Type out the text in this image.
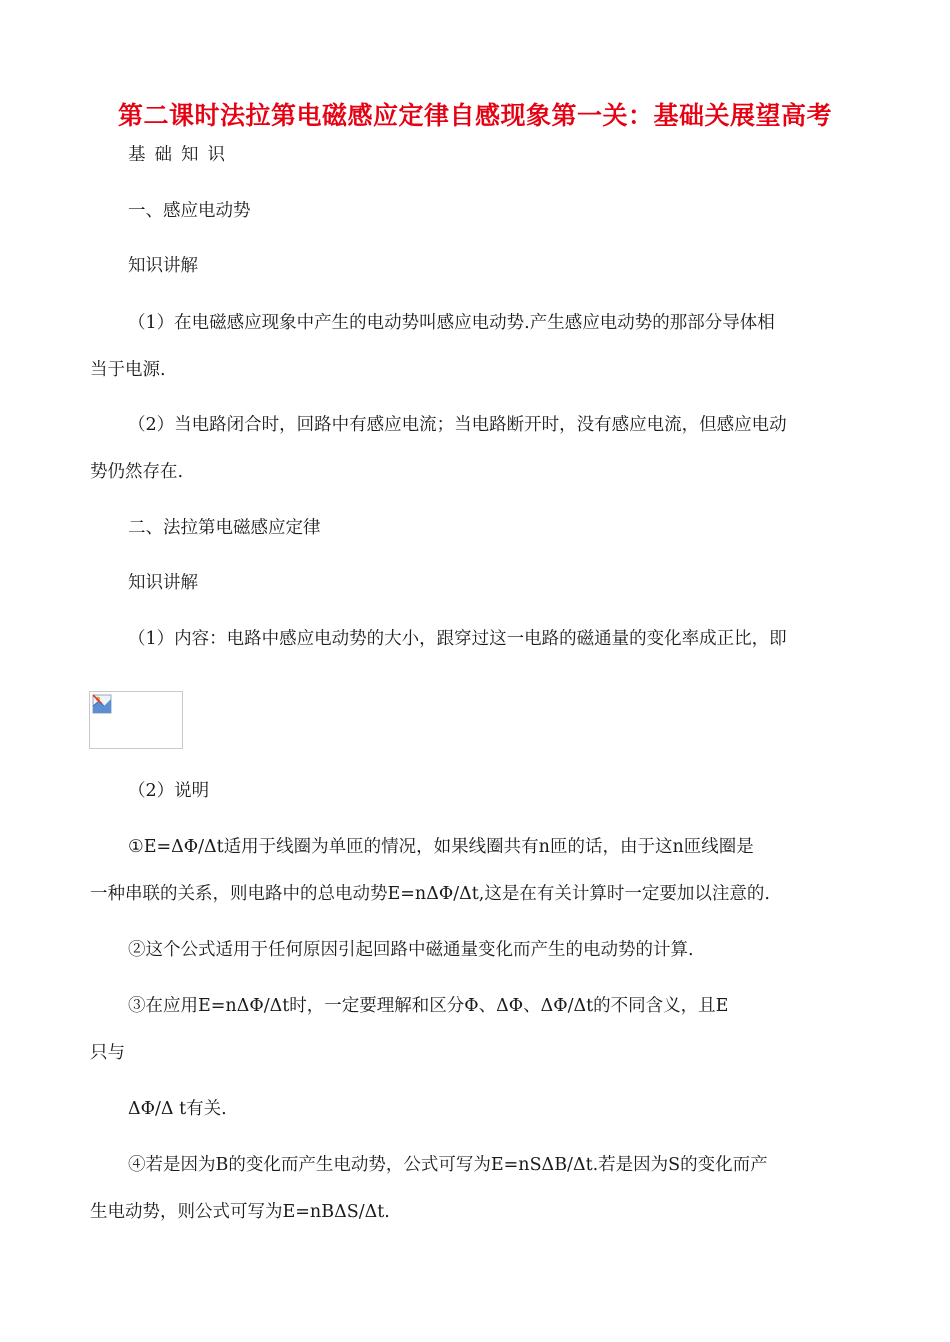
第二课时法拉第电磁感应定律自感现象第一关：基础关展望高考
基础知识
一、感应电动势
知识讲解
（1）在电磁感应现象中产生的电动势叫感应电动势.产生感应电动势的那部分导体相
当于电源.
（2）当电路闭合时，回路中有感应电流；当电路断开时，没有感应电流，但感应电动
势仍然存在.
二、法拉第电磁感应定律
知识讲解
（1）内容：电路中感应电动势的大小，跟穿过这一电路的磁通量的变化率成正比，即
（2）说明
①E=ΔΦ/Δt适用于线圈为单匝的情况，如果线圈共有n匝的话，由于这n匝线圈是
一种串联的关系，则电路中的总电动势E=nΔΦ/Δt,这是在有关计算时一定要加以注意的.
②这个公式适用于任何原因引起回路中磁通量变化而产生的电动势的计算.
③在应用E=nΔΦ/Δt时，一定要理解和区分Φ、ΔΦ、ΔΦ/Δt的不同含义，且E
只与
ΔΦ/Δ t有关.
④若是因为B的变化而产生电动势，公式可写为E=nSΔB/Δt.若是因为S的变化而产
生电动势，则公式可写为E=nBΔS/Δt.
